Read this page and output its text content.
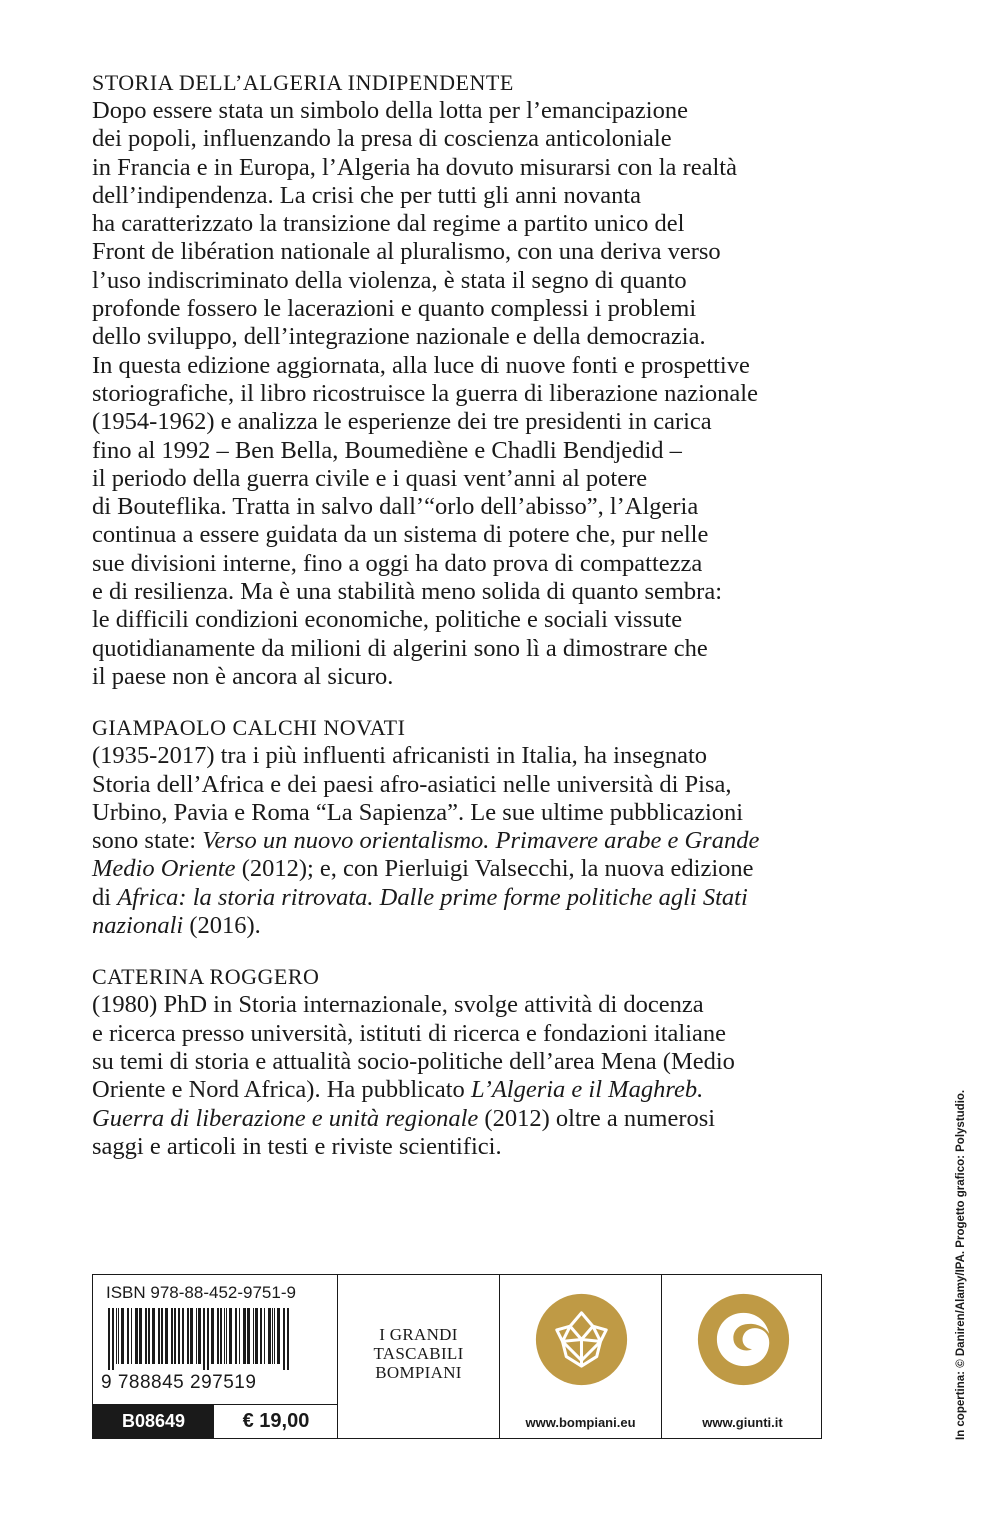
STORIA DELL’ALGERIA INDIPENDENTE

Dopo essere stata un simbolo della lotta per l’emancipazione
dei popoli, influenzando la presa di coscienza anticoloniale
in Francia e in Europa, l’Algeria ha dovuto misurarsi con la realtà
dell’indipendenza. La crisi che per tutti gli anni novanta
ha caratterizzato la transizione dal regime a partito unico del
Front de libération nationale al pluralismo, con una deriva verso
l’uso indiscriminato della violenza, è stata il segno di quanto
profonde fossero le lacerazioni e quanto complessi i problemi
dello sviluppo, dell’integrazione nazionale e della democrazia.
In questa edizione aggiornata, alla luce di nuove fonti e prospettive
storiografiche, il libro ricostruisce la guerra di liberazione nazionale
(1954-1962) e analizza le esperienze dei tre presidenti in carica
fino al 1992 – Ben Bella, Boumediène e Chadli Bendjedid –
il periodo della guerra civile e i quasi vent’anni al potere
di Bouteflika. Tratta in salvo dall’“orlo dell’abisso”, l’Algeria
continua a essere guidata da un sistema di potere che, pur nelle
sue divisioni interne, fino a oggi ha dato prova di compattezza
e di resilienza. Ma è una stabilità meno solida di quanto sembra:
le difficili condizioni economiche, politiche e sociali vissute
quotidianamente da milioni di algerini sono lì a dimostrare che
il paese non è ancora al sicuro.

GIAMPAOLO CALCHI NOVATI

(1935-2017) tra i più influenti africanisti in Italia, ha insegnato
Storia dell’Africa e dei paesi afro-asiatici nelle università di Pisa,
Urbino, Pavia e Roma “La Sapienza”. Le sue ultime pubblicazioni
sono state: Verso un nuovo orientalismo. Primavere arabe e Grande
Medio Oriente (2012); e, con Pierluigi Valsecchi, la nuova edizione
di Africa: la storia ritrovata. Dalle prime forme politiche agli Stati
nazionali (2016).

CATERINA ROGGERO

(1980) PhD in Storia internazionale, svolge attività di docenza
e ricerca presso università, istituti di ricerca e fondazioni italiane
su temi di storia e attualità socio-politiche dell’area Mena (Medio
Oriente e Nord Africa). Ha pubblicato L’Algeria e il Maghreb.
Guerra di liberazione e unità regionale (2012) oltre a numerosi
saggi e articoli in testi e riviste scientifici.	In copertina: © Daniren/Alamy/IPA. Progetto grafico: Polystudio.
ISBN 978-88-452-9751-9
9 788845 297519
B08649	€ 19,00
I GRANDI
TASCABILI
BOMPIANI
www.bompiani.eu	www.giunti.it
